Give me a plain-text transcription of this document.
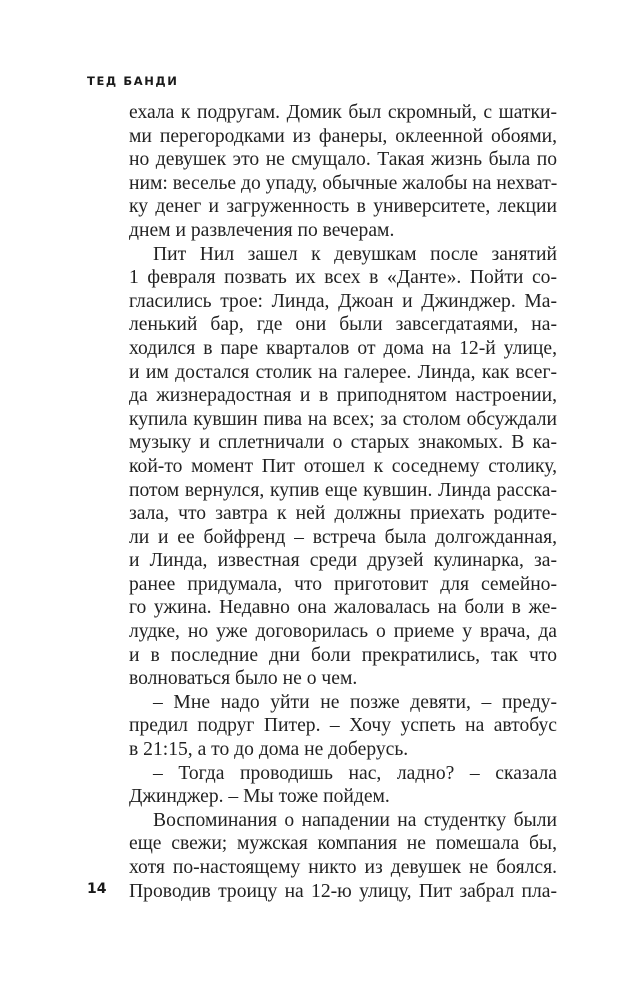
ТЕД БАНДИ
ехала к подругам. Домик был скромный, с шатки-
ми перегородками из фанеры, оклеенной обоями,
но девушек это не смущало. Такая жизнь была по
ним: веселье до упаду, обычные жалобы на нехват-
ку денег и загруженность в университете, лекции
днем и развлечения по вечерам.
Пит Нил зашел к девушкам после занятий
1 февраля позвать их всех в «Данте». Пойти со-
гласились трое: Линда, Джоан и Джинджер. Ма-
ленький бар, где они были завсегдатаями, на-
ходился в паре кварталов от дома на 12-й улице,
и им достался столик на галерее. Линда, как всег-
да жизнерадостная и в приподнятом настроении,
купила кувшин пива на всех; за столом обсуждали
музыку и сплетничали о старых знакомых. В ка-
кой-то момент Пит отошел к соседнему столику,
потом вернулся, купив еще кувшин. Линда расска-
зала, что завтра к ней должны приехать родите-
ли и ее бойфренд – встреча была долгожданная,
и Линда, известная среди друзей кулинарка, за-
ранее придумала, что приготовит для семейно-
го ужина. Недавно она жаловалась на боли в же-
лудке, но уже договорилась о приеме у врача, да
и в последние дни боли прекратились, так что
волноваться было не о чем.
– Мне надо уйти не позже девяти, – преду-
предил подруг Питер. – Хочу успеть на автобус
в 21:15, а то до дома не доберусь.
– Тогда проводишь нас, ладно? – сказала
Джинджер. – Мы тоже пойдем.
Воспоминания о нападении на студентку были
еще свежи; мужская компания не помешала бы,
хотя по-настоящему никто из девушек не боялся.
Проводив троицу на 12-ю улицу, Пит забрал пла-
14
